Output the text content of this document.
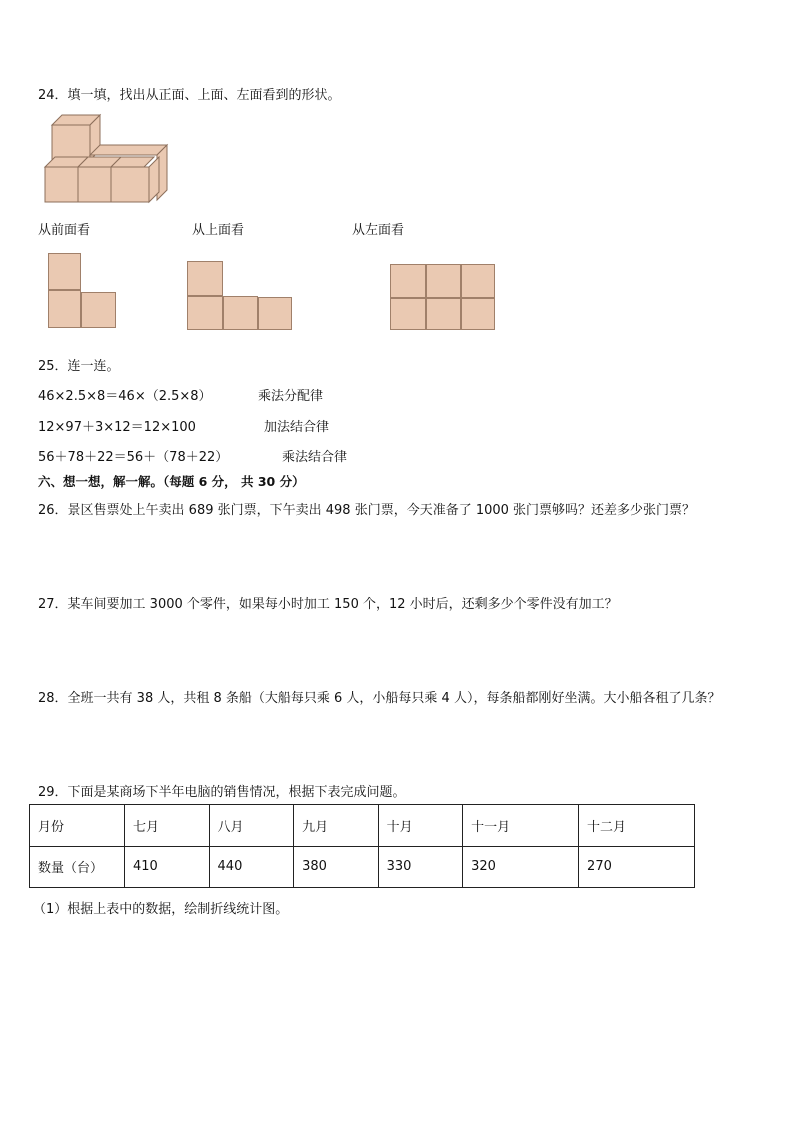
24．填一填，找出从正面、上面、左面看到的形状。
从前面看	从上面看	从左面看
25．连一连。
46×2.5×8＝46×（2.5×8）	乘法分配律
12×97＋3×12＝12×100	加法结合律
56＋78＋22＝56＋（78＋22）	乘法结合律
六、想一想，解一解。（每题 6 分， 共 30 分）
26．景区售票处上午卖出 689 张门票，下午卖出 498 张门票，今天准备了 1000 张门票够吗？还差多少张门票？
27．某车间要加工 3000 个零件，如果每小时加工 150 个，12 小时后，还剩多少个零件没有加工？
28．全班一共有 38 人，共租 8 条船（大船每只乘 6 人，小船每只乘 4 人），每条船都刚好坐满。大小船各租了几条？
29．下面是某商场下半年电脑的销售情况，根据下表完成问题。
月份	七月	八月	九月	十月	十一月	十二月
数量（台）	410	440	380	330	320	270
（1）根据上表中的数据，绘制折线统计图。
